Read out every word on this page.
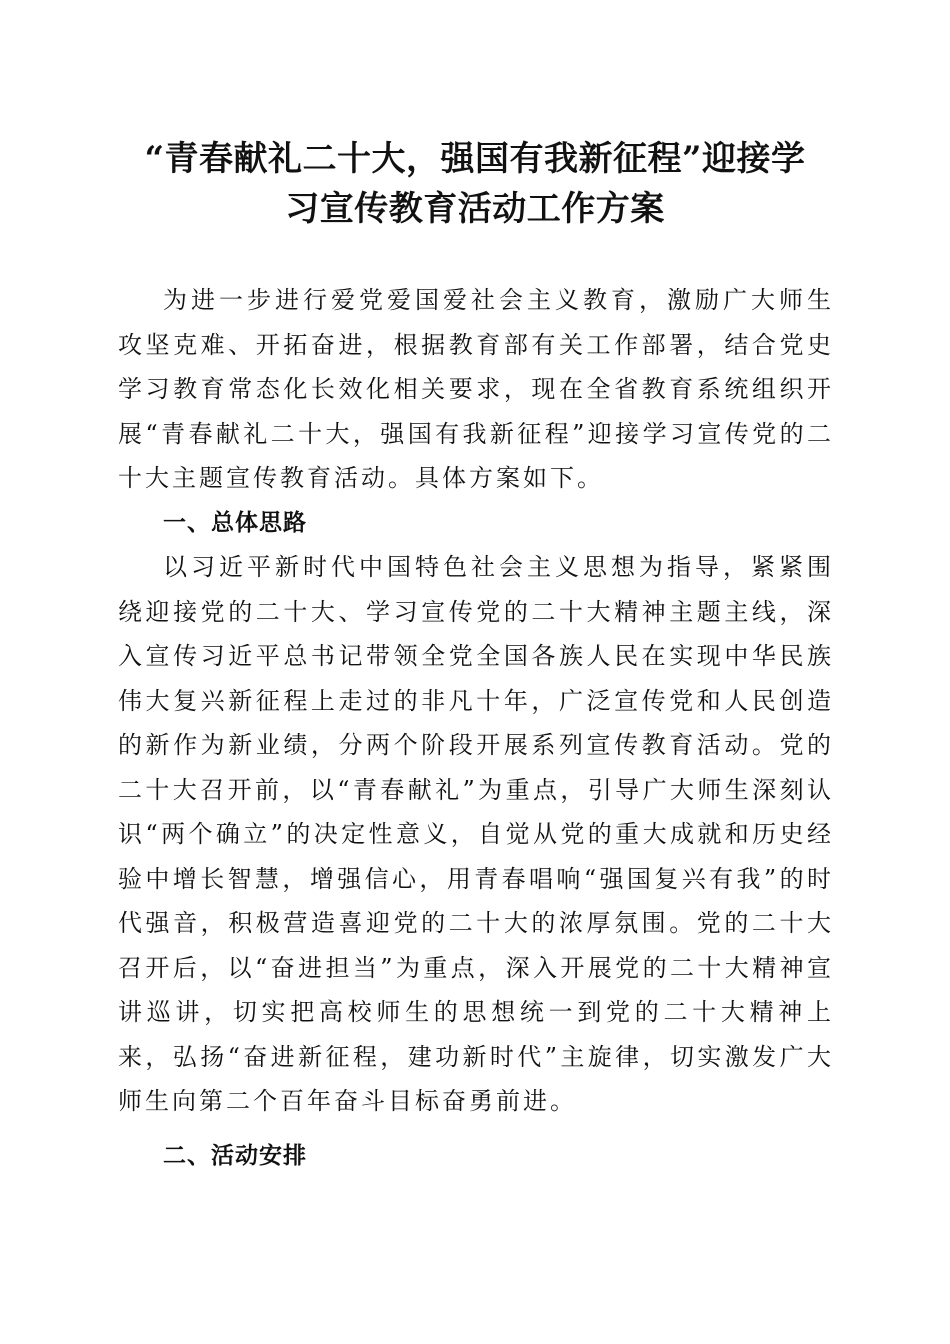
“青春献礼二十大，强国有我新征程”迎接学
习宣传教育活动工作方案

为进一步进行爱党爱国爱社会主义教育，激励广大师生攻坚克难、开拓奋进，根据教育部有关工作部署，结合党史学习教育常态化长效化相关要求，现在全省教育系统组织开展“青春献礼二十大，强国有我新征程”迎接学习宣传党的二十大主题宣传教育活动。具体方案如下。

一、总体思路

以习近平新时代中国特色社会主义思想为指导，紧紧围绕迎接党的二十大、学习宣传党的二十大精神主题主线，深入宣传习近平总书记带领全党全国各族人民在实现中华民族伟大复兴新征程上走过的非凡十年，广泛宣传党和人民创造的新作为新业绩，分两个阶段开展系列宣传教育活动。党的二十大召开前，以“青春献礼”为重点，引导广大师生深刻认识“两个确立”的决定性意义，自觉从党的重大成就和历史经验中增长智慧，增强信心，用青春唱响“强国复兴有我”的时代强音，积极营造喜迎党的二十大的浓厚氛围。党的二十大召开后，以“奋进担当”为重点，深入开展党的二十大精神宣讲巡讲，切实把高校师生的思想统一到党的二十大精神上来，弘扬“奋进新征程，建功新时代”主旋律，切实激发广大师生向第二个百年奋斗目标奋勇前进。

二、活动安排
